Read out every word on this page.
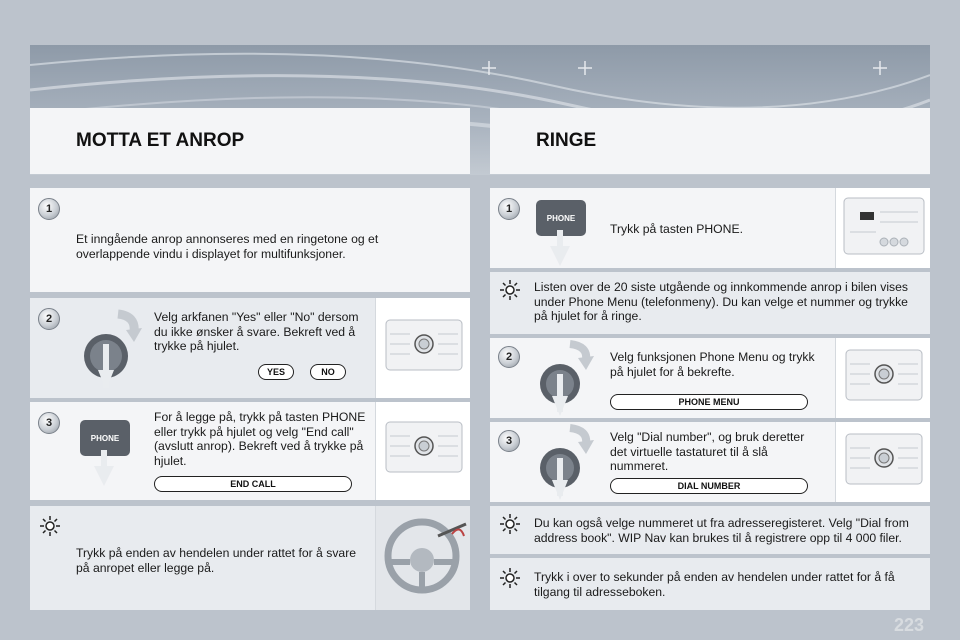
MOTTA ET ANROP	RINGE
1
Et inngående anrop annonseres med en ringetone og et overlappende vindu i displayet for multifunksjoner.
2	Velg arkfanen "Yes" eller "No" dersom du ikke ønsker å svare. Bekreft ved å trykke på hjulet.
YES	NO
3
PHONE
For å legge på, trykk på tasten PHONE eller trykk på hjulet og velg "End call" (avslutt anrop). Bekreft ved å trykke på hjulet.
END CALL
Trykk på enden av hendelen under rattet for å svare på anropet eller legge på.
1
PHONE
Trykk på tasten PHONE.
Listen over de 20 siste utgående og innkommende anrop i bilen vises under Phone Menu (telefonmeny). Du kan velge et nummer og trykke på hjulet for å ringe.
2	Velg funksjonen Phone Menu og trykk på hjulet for å bekrefte.
PHONE MENU
3	Velg "Dial number", og bruk deretter det virtuelle tastaturet til å slå nummeret.
DIAL NUMBER
Du kan også velge nummeret ut fra adresseregisteret. Velg "Dial from address book". WIP Nav kan brukes til å registrere opp til 4 000 filer.
Trykk i over to sekunder på enden av hendelen under rattet for å få tilgang til adresseboken.
223
